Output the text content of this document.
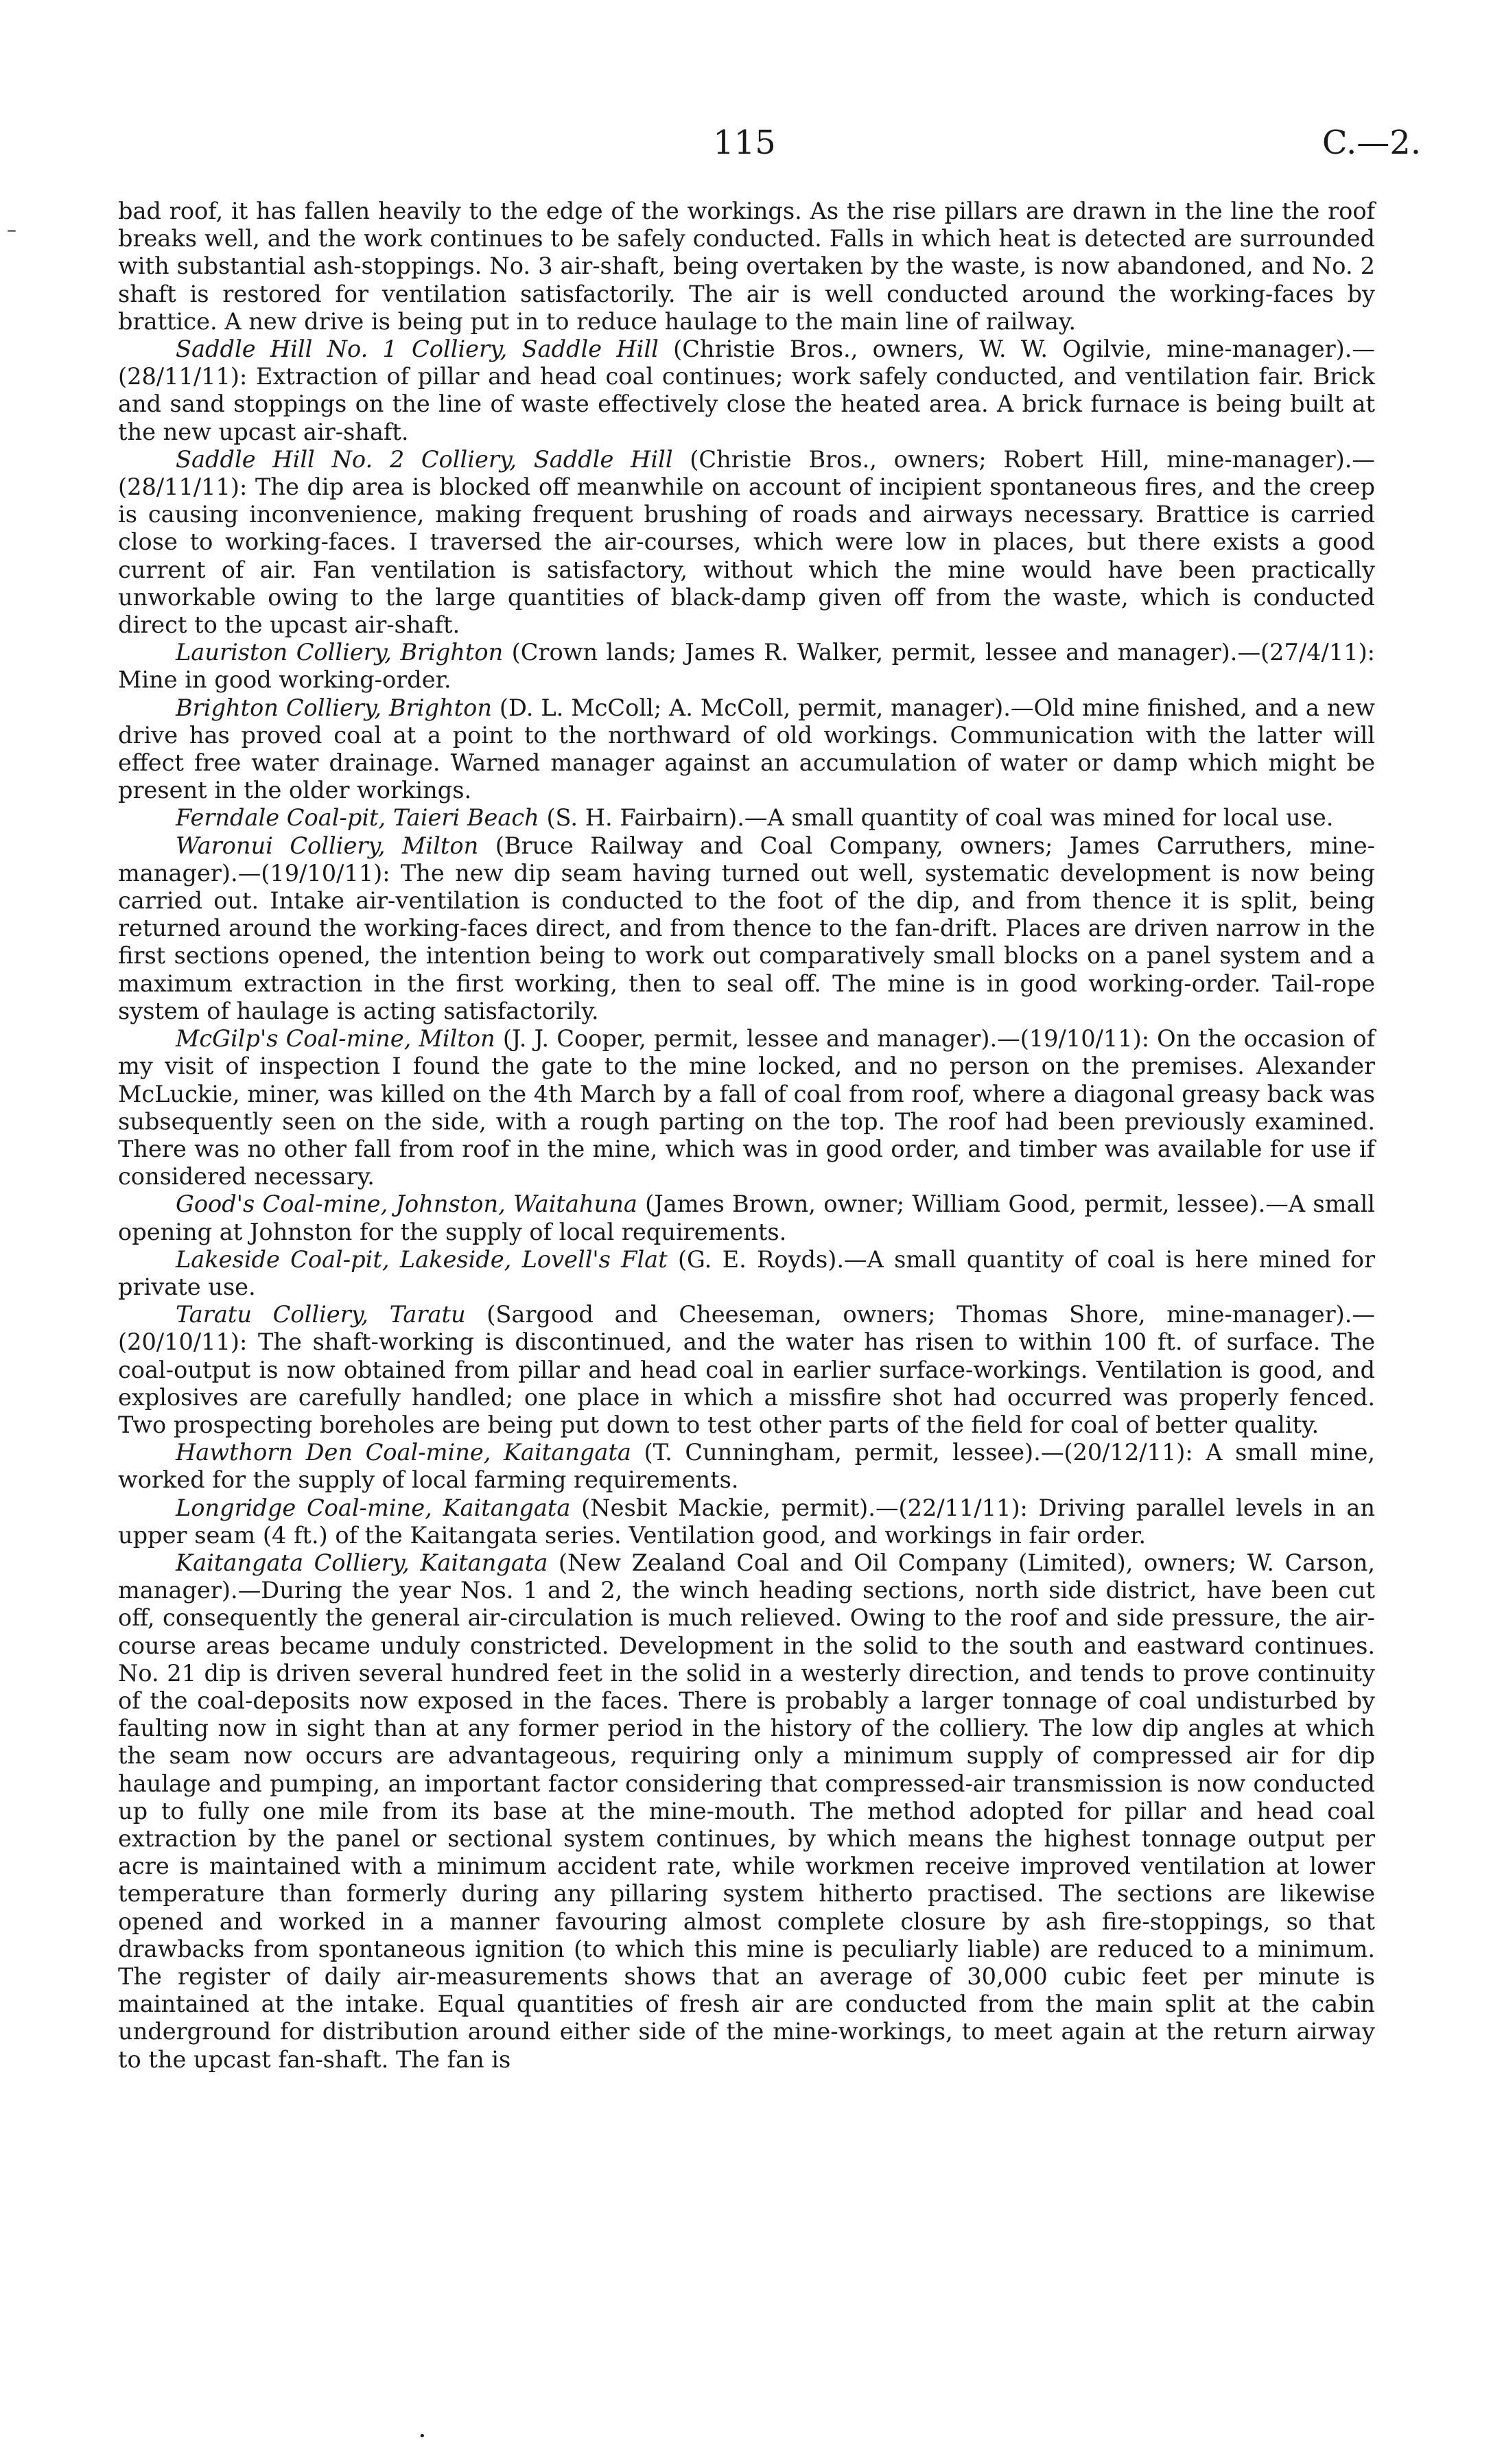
115	C.—2.
–

bad roof, it has fallen heavily to the edge of the workings. As the rise pillars are drawn in the line the roof breaks well, and the work continues to be safely conducted. Falls in which heat is detected are surrounded with substantial ash-stoppings. No. 3 air-shaft, being overtaken by the waste, is now abandoned, and No. 2 shaft is restored for ventilation satisfactorily. The air is well conducted around the working-faces by brattice. A new drive is being put in to reduce haulage to the main line of railway.

Saddle Hill No. 1 Colliery, Saddle Hill (Christie Bros., owners, W. W. Ogilvie, mine-manager).—(28/11/11): Extraction of pillar and head coal continues; work safely conducted, and ventilation fair. Brick and sand stoppings on the line of waste effectively close the heated area. A brick furnace is being built at the new upcast air-shaft.

Saddle Hill No. 2 Colliery, Saddle Hill (Christie Bros., owners; Robert Hill, mine-manager).—(28/11/11): The dip area is blocked off meanwhile on account of incipient spontaneous fires, and the creep is causing inconvenience, making frequent brushing of roads and airways necessary. Brattice is carried close to working-faces. I traversed the air-courses, which were low in places, but there exists a good current of air. Fan ventilation is satisfactory, without which the mine would have been practically unworkable owing to the large quantities of black-damp given off from the waste, which is conducted direct to the upcast air-shaft.

Lauriston Colliery, Brighton (Crown lands; James R. Walker, permit, lessee and manager).—(27/4/11): Mine in good working-order.

Brighton Colliery, Brighton (D. L. McColl; A. McColl, permit, manager).—Old mine finished, and a new drive has proved coal at a point to the northward of old workings. Communication with the latter will effect free water drainage. Warned manager against an accumulation of water or damp which might be present in the older workings.

Ferndale Coal-pit, Taieri Beach (S. H. Fairbairn).—A small quantity of coal was mined for local use.

Waronui Colliery, Milton (Bruce Railway and Coal Company, owners; James Carruthers, mine-manager).—(19/10/11): The new dip seam having turned out well, systematic development is now being carried out. Intake air-ventilation is conducted to the foot of the dip, and from thence it is split, being returned around the working-faces direct, and from thence to the fan-drift. Places are driven narrow in the first sections opened, the intention being to work out comparatively small blocks on a panel system and a maximum extraction in the first working, then to seal off. The mine is in good working-order. Tail-rope system of haulage is acting satisfactorily.

McGilp's Coal-mine, Milton (J. J. Cooper, permit, lessee and manager).—(19/10/11): On the occasion of my visit of inspection I found the gate to the mine locked, and no person on the premises. Alexander McLuckie, miner, was killed on the 4th March by a fall of coal from roof, where a diagonal greasy back was subsequently seen on the side, with a rough parting on the top. The roof had been previously examined. There was no other fall from roof in the mine, which was in good order, and timber was available for use if considered necessary.

Good's Coal-mine, Johnston, Waitahuna (James Brown, owner; William Good, permit, lessee).—A small opening at Johnston for the supply of local requirements.

Lakeside Coal-pit, Lakeside, Lovell's Flat (G. E. Royds).—A small quantity of coal is here mined for private use.

Taratu Colliery, Taratu (Sargood and Cheeseman, owners; Thomas Shore, mine-manager).—(20/10/11): The shaft-working is discontinued, and the water has risen to within 100 ft. of surface. The coal-output is now obtained from pillar and head coal in earlier surface-workings. Ventilation is good, and explosives are carefully handled; one place in which a missfire shot had occurred was properly fenced. Two prospecting boreholes are being put down to test other parts of the field for coal of better quality.

Hawthorn Den Coal-mine, Kaitangata (T. Cunningham, permit, lessee).—(20/12/11): A small mine, worked for the supply of local farming requirements.

Longridge Coal-mine, Kaitangata (Nesbit Mackie, permit).—(22/11/11): Driving parallel levels in an upper seam (4 ft.) of the Kaitangata series. Ventilation good, and workings in fair order.

Kaitangata Colliery, Kaitangata (New Zealand Coal and Oil Company (Limited), owners; W. Carson, manager).—During the year Nos. 1 and 2, the winch heading sections, north side district, have been cut off, consequently the general air-circulation is much relieved. Owing to the roof and side pressure, the air-course areas became unduly constricted. Development in the solid to the south and eastward continues. No. 21 dip is driven several hundred feet in the solid in a westerly direction, and tends to prove continuity of the coal-deposits now exposed in the faces. There is probably a larger tonnage of coal undisturbed by faulting now in sight than at any former period in the history of the colliery. The low dip angles at which the seam now occurs are advantageous, requiring only a minimum supply of compressed air for dip haulage and pumping, an important factor considering that compressed-air transmission is now conducted up to fully one mile from its base at the mine-mouth. The method adopted for pillar and head coal extraction by the panel or sectional system continues, by which means the highest tonnage output per acre is maintained with a minimum accident rate, while workmen receive improved ventilation at lower temperature than formerly during any pillaring system hitherto practised. The sections are likewise opened and worked in a manner favouring almost complete closure by ash fire-stoppings, so that drawbacks from spontaneous ignition (to which this mine is peculiarly liable) are reduced to a minimum. The register of daily air-measurements shows that an average of 30,000 cubic feet per minute is maintained at the intake. Equal quantities of fresh air are conducted from the main split at the cabin underground for distribution around either side of the mine-workings, to meet again at the return airway to the upcast fan-shaft. The fan is

•
